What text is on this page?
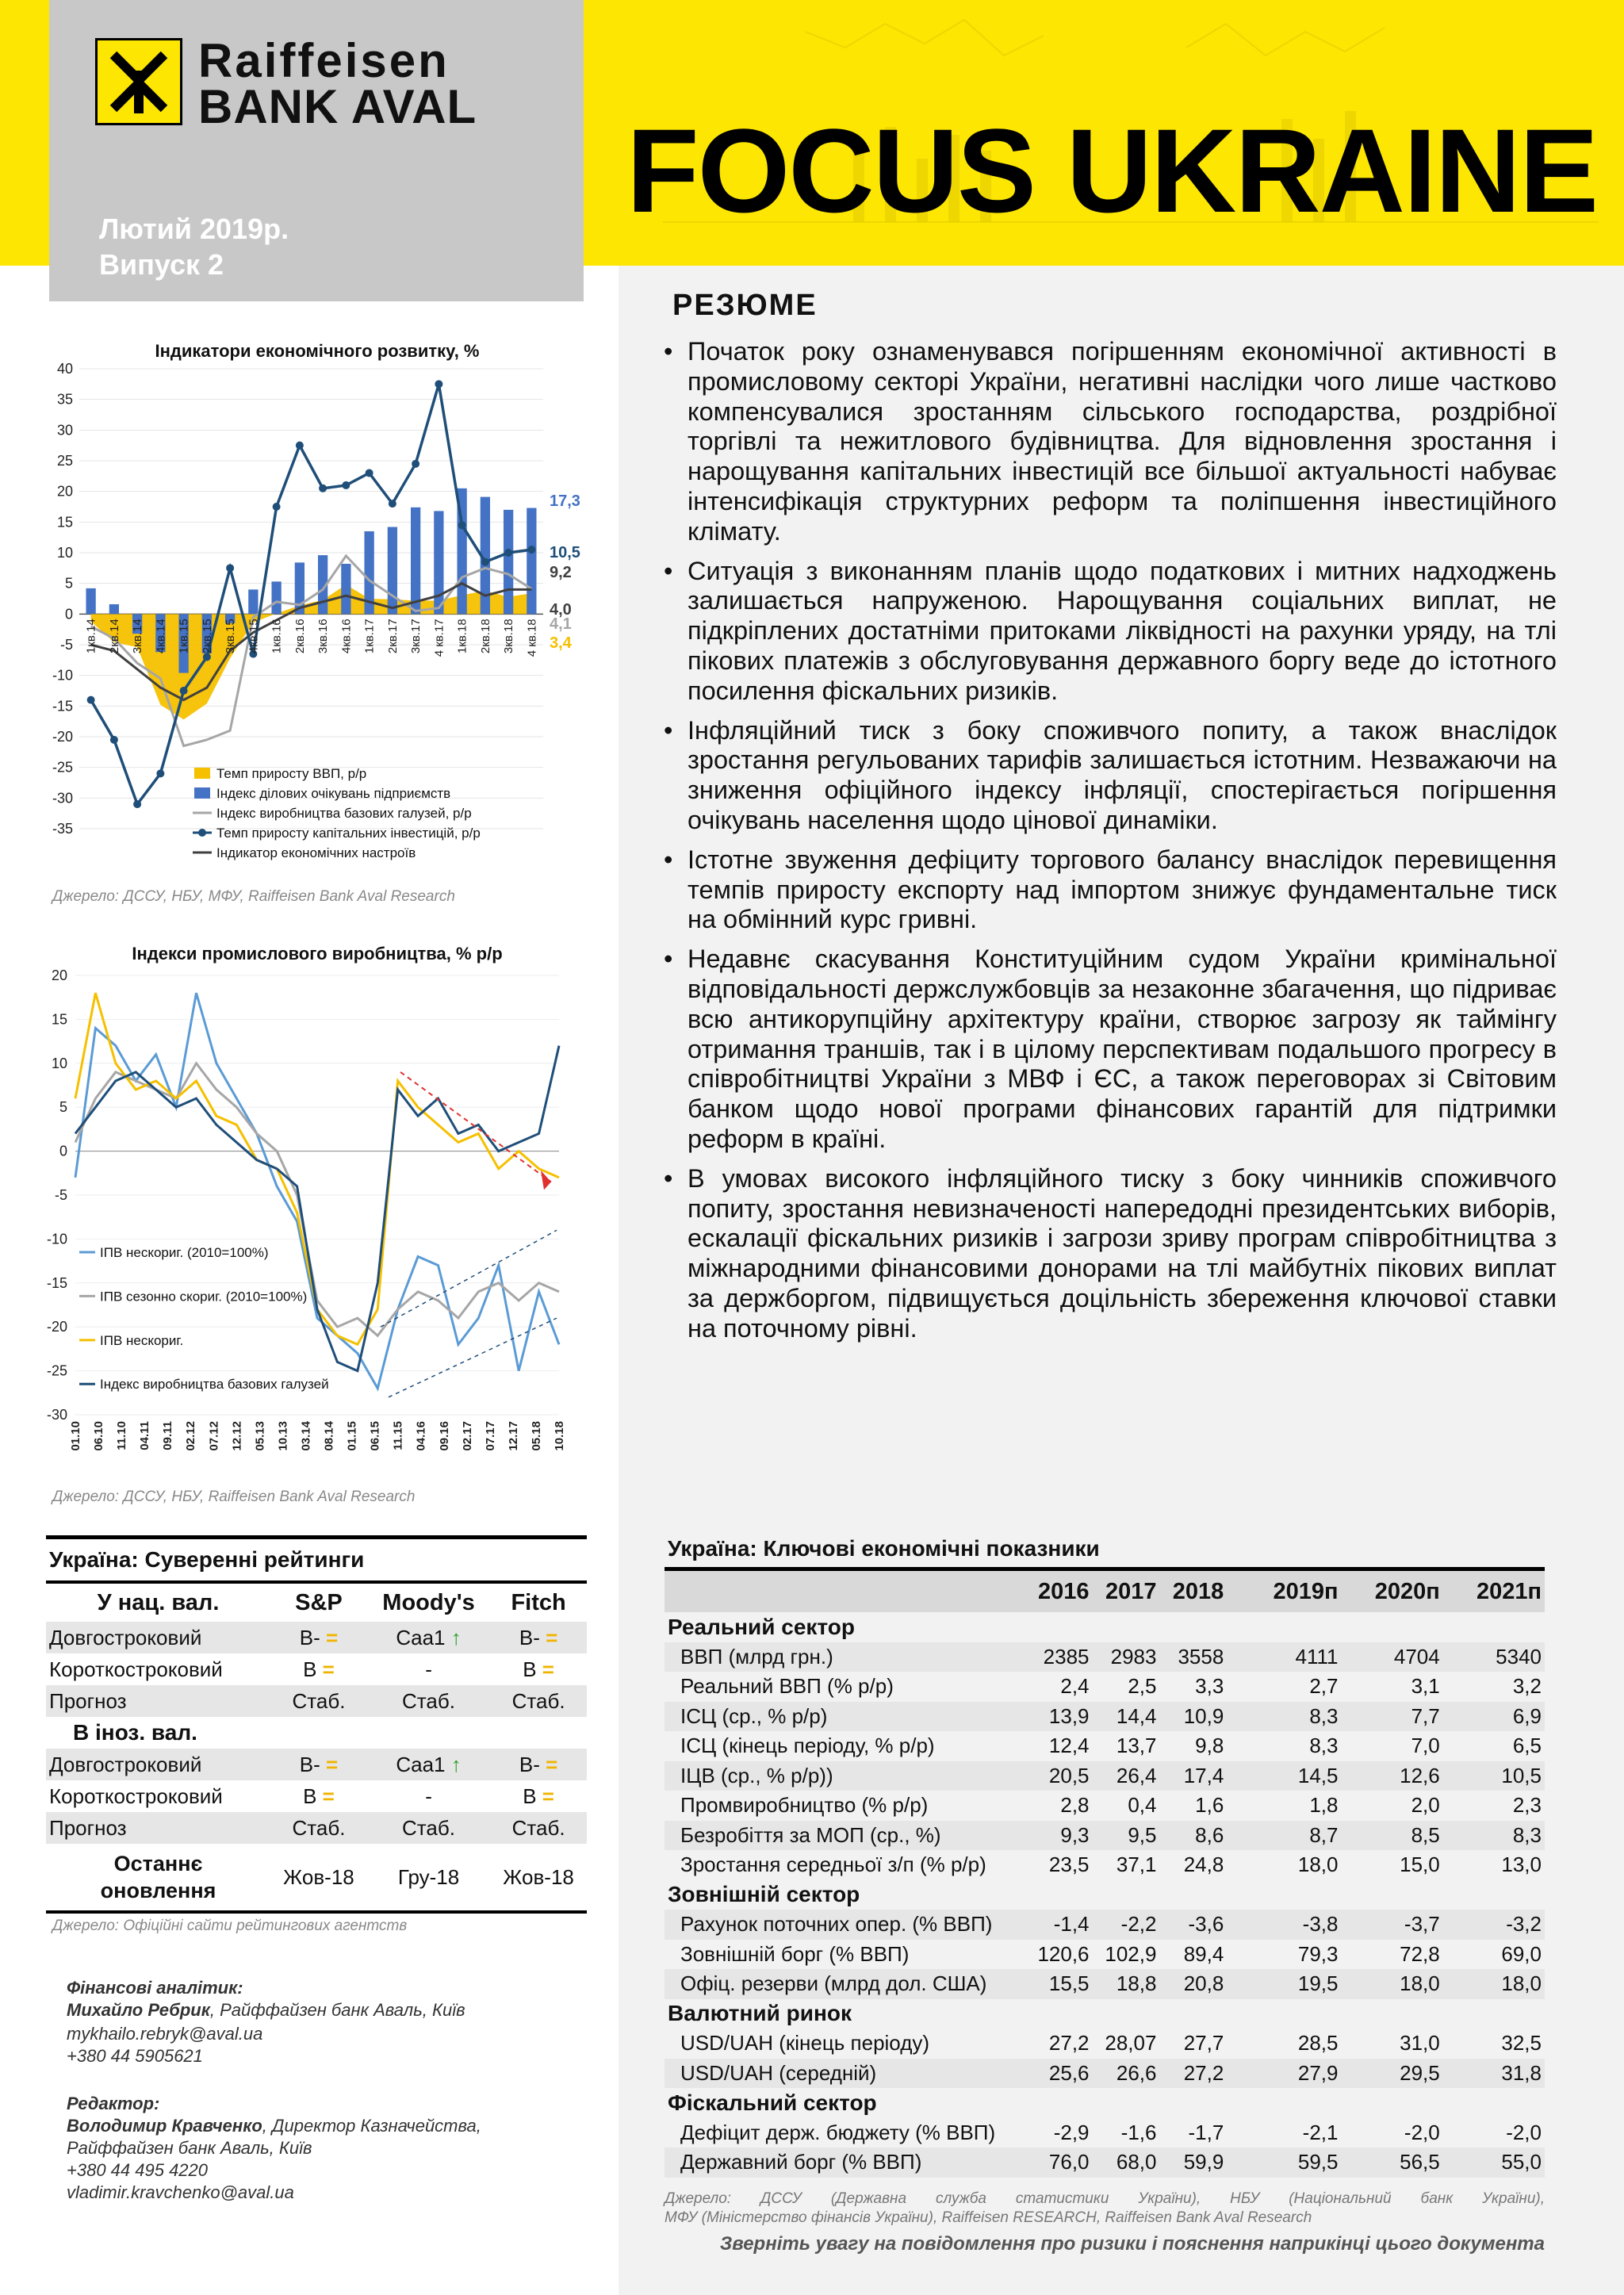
Raiffeisen
BANK AVAL
Лютий 2019р.
Випуск 2
FOCUS UKRAINE
РЕЗЮМЕ
• Початок року ознаменувався погіршенням економічної активності в промисловому секторі України, негативні наслідки чого лише частково компенсувалися зростанням сільського господарства, роздрібної торгівлі та нежитлового будівництва. Для відновлення зростання і нарощування капітальних інвестицій все більшої актуальності набуває інтенсифікація структурних реформ та поліпшення інвестиційного клімату.
• Ситуація з виконанням планів щодо податкових і митних надходжень залишається напруженою. Нарощування соціальних виплат, не підкріплених достатніми притоками ліквідності на рахунки уряду, на тлі пікових платежів з обслуговування державного боргу веде до істотного посилення фіскальних ризиків.
• Інфляційний тиск з боку споживчого попиту, а також внаслідок зростання регульованих тарифів залишається істотним. Незважаючи на зниження офіційного індексу інфляції, спостерігається погіршення очікувань населення щодо цінової динаміки.
• Істотне звуження дефіциту торгового балансу внаслідок перевищення темпів приросту експорту над імпортом знижує фундаментальне тиск на обмінний курс гривні.
• Недавнє скасування Конституційним судом України кримінальної відповідальності держслужбовців за незаконне збагачення, що підриває всю антикорупційну архітектуру країни, створює загрозу як таймінгу отримання траншів, так і в цілому перспективам подальшого прогресу в співробітництві України з МВФ і ЄС, а також переговорах зі Світовим банком щодо нової програми фінансових гарантій для підтримки реформ в країні.
• В умовах високого інфляційного тиску з боку чинників споживчого попиту, зростання невизначеності напередодні президентських виборів, ескалації фіскальних ризиків і загрози зриву програм співробітництва з міжнародними фінансовими донорами на тлі майбутніх пікових виплат за держборгом, підвищується доцільність збереження ключової ставки на поточному рівні.
Індикатори економічного розвитку, %
40
35
30
25
20
15
10
5
0
-5
-10
-15
-20
-25
-30
-35
1кв.14 2кв.14 3кв.14 4кв.14 1кв.15 2кв.15 3кв.15 4кв.15 1кв.16 2кв.16 3кв.16 4кв.16 1кв.17 2кв.17 3кв.17 4 кв.17 1кв.18 2кв.18 3кв.18 4 кв.18
17,3
10,5
9,2
4,0
4,1
3,4
Темп приросту ВВП, р/р
Індекс ділових очікувань підприємств
Індекс виробництва базових галузей, р/р
Темп приросту капітальних інвестицій, р/р
Індикатор економічних настроїв
Джерело: ДССУ, НБУ, МФУ, Raiffeisen Bank Aval Research
Індекси промислового виробництва, % р/р
20
15
10
5
0
-5
-10
-15
-20
-25
-30
01.10 06.10 11.10 04.11 09.11 02.12 07.12 12.12 05.13 10.13 03.14 08.14 01.15 06.15 11.15 04.16 09.16 02.17 07.17 12.17 05.18 10.18
ІПВ нескориг. (2010=100%)
ІПВ сезонно скориг. (2010=100%)
ІПВ нескориг.
Індекс виробництва базових галузей
Джерело: ДССУ, НБУ, Raiffeisen Bank Aval Research
Україна: Суверенні рейтинги			
У нац. вал.	S&P	Moody's	Fitch
Довгостроковий	B- =	Caa1 ↑	B- =
Короткостроковий	B =	-	B =
Прогноз	Стаб.	Стаб.	Стаб.
В іноз. вал.			
Довгостроковий	B- =	Caa1 ↑	B- =
Короткостроковий	B =	-	B =
Прогноз	Стаб.	Стаб.	Стаб.
Останнє
оновлення	Жов-18	Гру-18	Жов-18
Джерело: Офіційні сайти рейтингових агентств
Фінансові аналітик:
Михайло Ребрик, Райффайзен банк Аваль, Київ
mykhailo.rebryk@aval.ua
+380 44 5905621
Редактор:
Володимир Кравченко, Директор Казначейства,
Райффайзен банк Аваль, Київ
+380 44 495 4220
vladimir.kravchenko@aval.ua
Україна: Ключові економічні показники						
	2016	2017	2018	2019п	2020п	2021п
Реальний сектор						
ВВП (млрд грн.)	2385	2983	3558	4111	4704	5340
Реальний ВВП (% р/р)	2,4	2,5	3,3	2,7	3,1	3,2
ІСЦ (ср., % р/р)	13,9	14,4	10,9	8,3	7,7	6,9
ІСЦ (кінець періоду, % р/р)	12,4	13,7	9,8	8,3	7,0	6,5
ІЦВ (ср., % р/р))	20,5	26,4	17,4	14,5	12,6	10,5
Промвиробництво (% р/р)	2,8	0,4	1,6	1,8	2,0	2,3
Безробіття за МОП (ср., %)	9,3	9,5	8,6	8,7	8,5	8,3
Зростання середньої з/п (% р/р)	23,5	37,1	24,8	18,0	15,0	13,0
Зовнішній сектор						
Рахунок поточних опер. (% ВВП)	-1,4	-2,2	-3,6	-3,8	-3,7	-3,2
Зовнішній борг (% ВВП)	120,6	102,9	89,4	79,3	72,8	69,0
Офіц. резерви (млрд дол. США)	15,5	18,8	20,8	19,5	18,0	18,0
Валютний ринок						
USD/UAH (кінець періоду)	27,2	28,07	27,7	28,5	31,0	32,5
USD/UAH (середній)	25,6	26,6	27,2	27,9	29,5	31,8
Фіскальний сектор						
Дефіцит держ. бюджету (% ВВП)	-2,9	-1,6	-1,7	-2,1	-2,0	-2,0
Державний борг (% ВВП)	76,0	68,0	59,9	59,5	56,5	55,0
Джерело: ДССУ (Державна служба статистики України), НБУ (Національний банк України),
МФУ (Міністерство фінансів України), Raiffeisen RESEARCH, Raiffeisen Bank Aval Research
Зверніть увагу на повідомлення про ризики і пояснення наприкінці цього документа
